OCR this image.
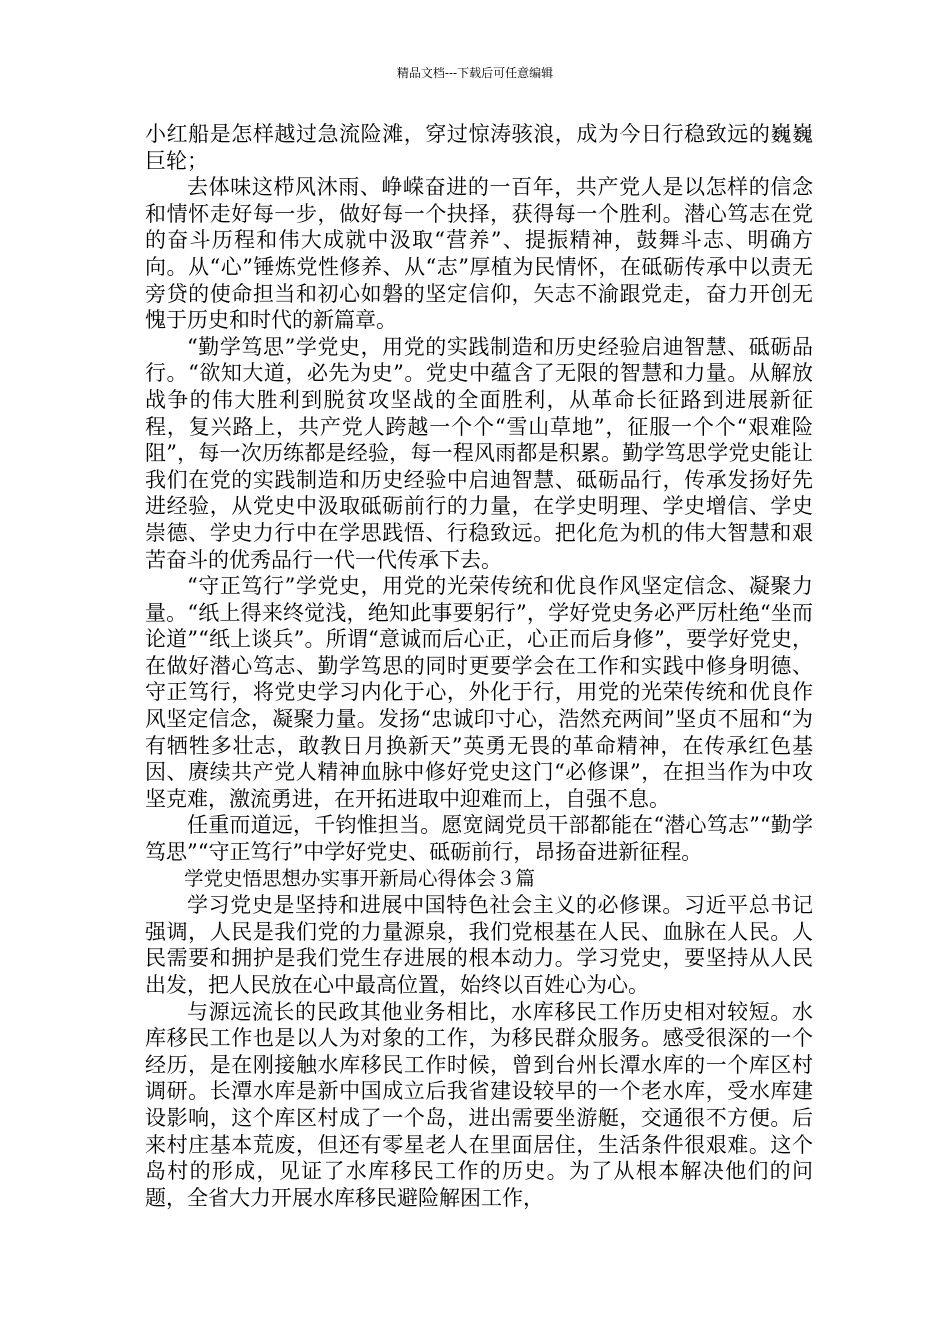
精品文档---下载后可任意编辑

小红船是怎样越过急流险滩，穿过惊涛骇浪，成为今日行稳致远的巍巍巨轮；

去体味这栉风沐雨、峥嵘奋进的一百年，共产党人是以怎样的信念和情怀走好每一步，做好每一个抉择，获得每一个胜利。潜心笃志在党的奋斗历程和伟大成就中汲取“营养”、提振精神，鼓舞斗志、明确方向。从“心”锤炼党性修养、从“志”厚植为民情怀，在砥砺传承中以责无旁贷的使命担当和初心如磐的坚定信仰，矢志不渝跟党走，奋力开创无愧于历史和时代的新篇章。

“勤学笃思”学党史，用党的实践制造和历史经验启迪智慧、砥砺品行。“欲知大道，必先为史”。党史中蕴含了无限的智慧和力量。从解放战争的伟大胜利到脱贫攻坚战的全面胜利，从革命长征路到进展新征程，复兴路上，共产党人跨越一个个“雪山草地”，征服一个个“艰难险阻”，每一次历练都是经验，每一程风雨都是积累。勤学笃思学党史能让我们在党的实践制造和历史经验中启迪智慧、砥砺品行，传承发扬好先进经验，从党史中汲取砥砺前行的力量，在学史明理、学史增信、学史崇德、学史力行中在学思践悟、行稳致远。把化危为机的伟大智慧和艰苦奋斗的优秀品行一代一代传承下去。

“守正笃行”学党史，用党的光荣传统和优良作风坚定信念、凝聚力量。“纸上得来终觉浅，绝知此事要躬行”，学好党史务必严厉杜绝“坐而论道”“纸上谈兵”。所谓“意诚而后心正，心正而后身修”，要学好党史，在做好潜心笃志、勤学笃思的同时更要学会在工作和实践中修身明德、守正笃行，将党史学习内化于心，外化于行，用党的光荣传统和优良作风坚定信念，凝聚力量。发扬“忠诚印寸心，浩然充两间”坚贞不屈和“为有牺牲多壮志，敢教日月换新天”英勇无畏的革命精神，在传承红色基因、赓续共产党人精神血脉中修好党史这门“必修课”，在担当作为中攻坚克难，激流勇进，在开拓进取中迎难而上，自强不息。

任重而道远，千钧惟担当。愿宽阔党员干部都能在“潜心笃志”“勤学笃思”“守正笃行”中学好党史、砥砺前行，昂扬奋进新征程。

学党史悟思想办实事开新局心得体会３篇

学习党史是坚持和进展中国特色社会主义的必修课。习近平总书记强调，人民是我们党的力量源泉，我们党根基在人民、血脉在人民。人民需要和拥护是我们党生存进展的根本动力。学习党史，要坚持从人民出发，把人民放在心中最高位置，始终以百姓心为心。

与源远流长的民政其他业务相比，水库移民工作历史相对较短。水库移民工作也是以人为对象的工作，为移民群众服务。感受很深的一个经历，是在刚接触水库移民工作时候，曾到台州长潭水库的一个库区村调研。长潭水库是新中国成立后我省建设较早的一个老水库，受水库建设影响，这个库区村成了一个岛，进出需要坐游艇，交通很不方便。后来村庄基本荒废，但还有零星老人在里面居住，生活条件很艰难。这个岛村的形成，见证了水库移民工作的历史。为了从根本解决他们的问题，全省大力开展水库移民避险解困工作，
